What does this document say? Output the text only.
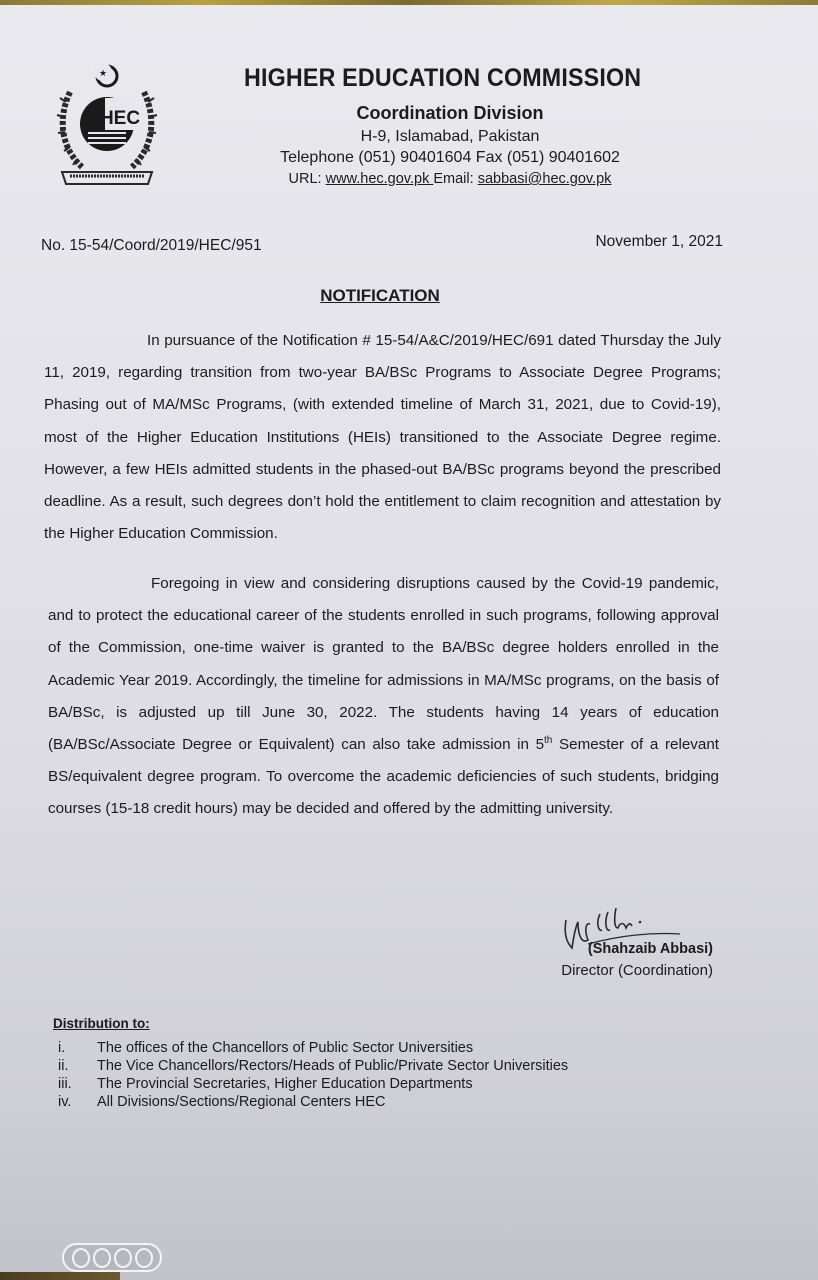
★
HEC
HIGHER EDUCATION COMMISSION
Coordination Division
H-9, Islamabad, Pakistan
Telephone (051) 90401604 Fax (051) 90401602
URL: www.hec.gov.pk Email: sabbasi@hec.gov.pk
No. 15-54/Coord/2019/HEC/951	November 1, 2021
NOTIFICATION
In pursuance of the Notification # 15-54/A&C/2019/HEC/691 dated Thursday the July 11, 2019, regarding transition from two-year BA/BSc Programs to Associate Degree Programs; Phasing out of MA/MSc Programs, (with extended timeline of March 31, 2021, due to Covid-19), most of the Higher Education Institutions (HEIs) transitioned to the Associate Degree regime. However, a few HEIs admitted students in the phased-out BA/BSc programs beyond the prescribed deadline. As a result, such degrees don’t hold the entitlement to claim recognition and attestation by the Higher Education Commission.
Foregoing in view and considering disruptions caused by the Covid-19 pandemic, and to protect the educational career of the students enrolled in such programs, following approval of the Commission, one-time waiver is granted to the BA/BSc degree holders enrolled in the Academic Year 2019. Accordingly, the timeline for admissions in MA/MSc programs, on the basis of BA/BSc, is adjusted up till June 30, 2022. The students having 14 years of education (BA/BSc/Associate Degree or Equivalent) can also take admission in 5th Semester of a relevant BS/equivalent degree program. To overcome the academic deficiencies of such students, bridging courses (15-18 credit hours) may be decided and offered by the admitting university.
(Shahzaib Abbasi)
Director (Coordination)
Distribution to:
i.	The offices of the Chancellors of Public Sector Universities
ii.	The Vice Chancellors/Rectors/Heads of Public/Private Sector Universities
iii.	The Provincial Secretaries, Higher Education Departments
iv.	All Divisions/Sections/Regional Centers HEC
